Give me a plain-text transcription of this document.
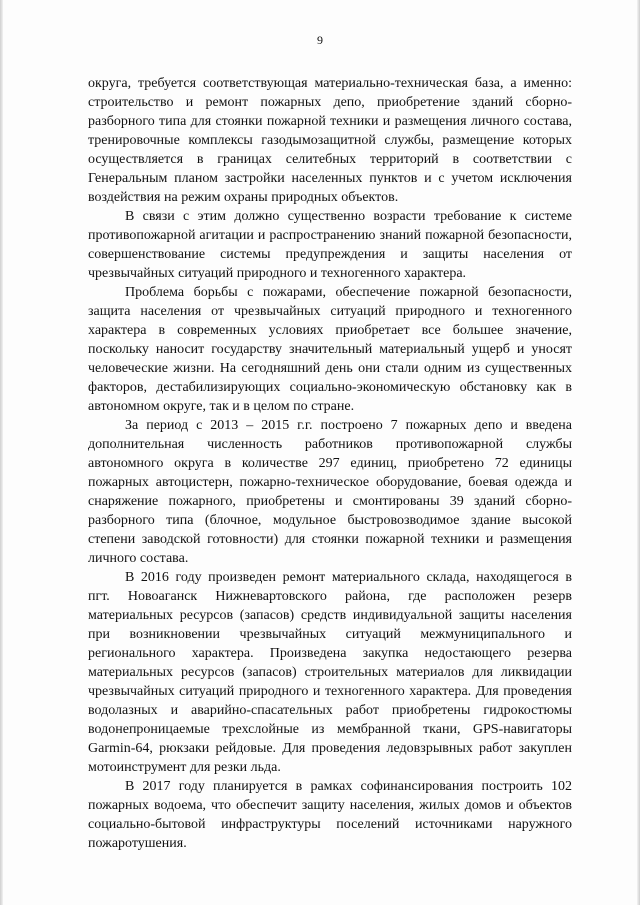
9

округа, требуется соответствующая материально-техническая база, а именно: строительство и ремонт пожарных депо, приобретение зданий сборно-разборного типа для стоянки пожарной техники и размещения личного состава, тренировочные комплексы газодымозащитной службы, размещение которых осуществляется в границах селитебных территорий в соответствии с Генеральным планом застройки населенных пунктов и с учетом исключения воздействия на режим охраны природных объектов.

В связи с этим должно существенно возрасти требование к системе противопожарной агитации и распространению знаний пожарной безопасности, совершенствование системы предупреждения и защиты населения от чрезвычайных ситуаций природного и техногенного характера.

Проблема борьбы с пожарами, обеспечение пожарной безопасности, защита населения от чрезвычайных ситуаций природного и техногенного характера в современных условиях приобретает все большее значение, поскольку наносит государству значительный материальный ущерб и уносят человеческие жизни. На сегодняшний день они стали одним из существенных факторов, дестабилизирующих социально-экономическую обстановку как в автономном округе, так и в целом по стране.

За период с 2013 – 2015 г.г. построено 7 пожарных депо и введена дополнительная численность работников противопожарной службы автономного округа в количестве 297 единиц, приобретено 72 единицы пожарных автоцистерн, пожарно-техническое оборудование, боевая одежда и снаряжение пожарного, приобретены и смонтированы 39 зданий сборно-разборного типа (блочное, модульное быстровозводимое здание высокой степени заводской готовности) для стоянки пожарной техники и размещения личного состава.

В 2016 году произведен ремонт материального склада, находящегося в пгт. Новоаганск Нижневартовского района, где расположен резерв материальных ресурсов (запасов) средств индивидуальной защиты населения при возникновении чрезвычайных ситуаций межмуниципального и регионального характера. Произведена закупка недостающего резерва материальных ресурсов (запасов) строительных материалов для ликвидации чрезвычайных ситуаций природного и техногенного характера. Для проведения водолазных и аварийно-спасательных работ приобретены гидрокостюмы водонепроницаемые трехслойные из мембранной ткани, GPS-навигаторы Garmin-64, рюкзаки рейдовые. Для проведения ледовзрывных работ закуплен мотоинструмент для резки льда.

В 2017 году планируется в рамках софинансирования построить 102 пожарных водоема, что обеспечит защиту населения, жилых домов и объектов социально-бытовой инфраструктуры поселений источниками наружного пожаротушения.
